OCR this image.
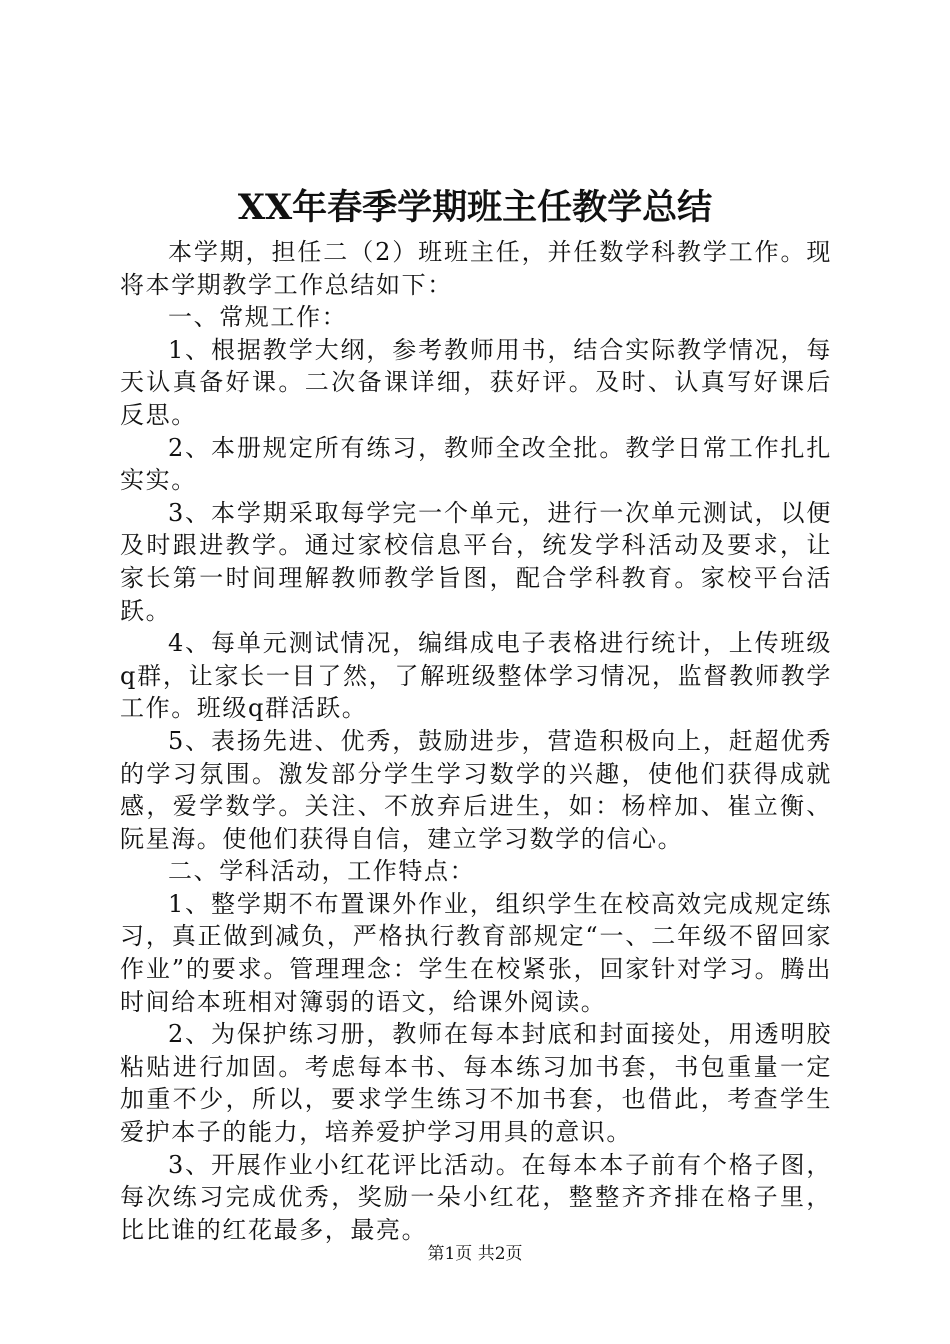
XX年春季学期班主任教学总结

本学期，担任二（2）班班主任，并任数学科教学工作。现将本学期教学工作总结如下：

一、常规工作：

1、根据教学大纲，参考教师用书，结合实际教学情况，每天认真备好课。二次备课详细，获好评。及时、认真写好课后反思。

2、本册规定所有练习，教师全改全批。教学日常工作扎扎实实。

3、本学期采取每学完一个单元，进行一次单元测试，以便及时跟进教学。通过家校信息平台，统发学科活动及要求，让家长第一时间理解教师教学旨图，配合学科教育。家校平台活跃。

4、每单元测试情况，编缉成电子表格进行统计，上传班级q群，让家长一目了然，了解班级整体学习情况，监督教师教学工作。班级q群活跃。

5、表扬先进、优秀，鼓励进步，营造积极向上，赶超优秀的学习氛围。激发部分学生学习数学的兴趣，使他们获得成就感，爱学数学。关注、不放弃后进生，如：杨梓加、崔立衡、阮星海。使他们获得自信，建立学习数学的信心。

二、学科活动，工作特点：

1、整学期不布置课外作业，组织学生在校高效完成规定练习，真正做到减负，严格执行教育部规定“一、二年级不留回家作业”的要求。管理理念：学生在校紧张，回家针对学习。腾出时间给本班相对簿弱的语文，给课外阅读。

2、为保护练习册，教师在每本封底和封面接处，用透明胶粘贴进行加固。考虑每本书、每本练习加书套，书包重量一定加重不少，所以，要求学生练习不加书套，也借此，考查学生爱护本子的能力，培养爱护学习用具的意识。

3、开展作业小红花评比活动。在每本本子前有个格子图，每次练习完成优秀，奖励一朵小红花，整整齐齐排在格子里，比比谁的红花最多，最亮。

第1页 共2页
